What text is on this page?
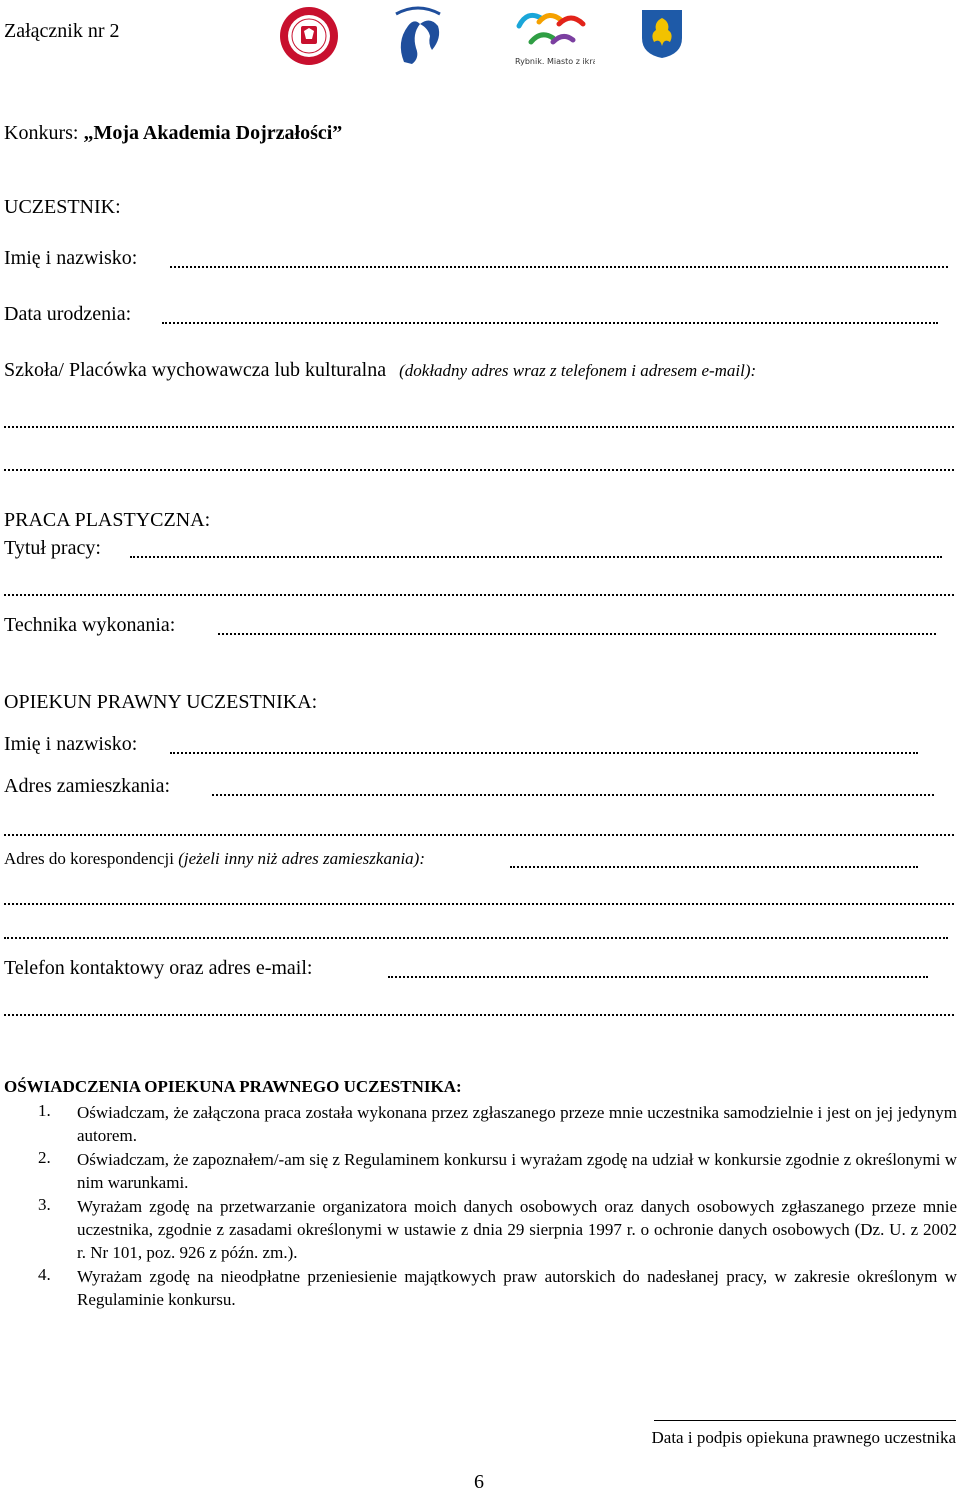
Załącznik nr 2
Rybnik. Miasto z ikrą.
Konkurs: „Moja Akademia Dojrzałości”
UCZESTNIK:
Imię i nazwisko:
Data urodzenia:
Szkoła/ Placówka wychowawcza lub kulturalna (dokładny adres wraz z telefonem i adresem e-mail):
PRACA PLASTYCZNA:
Tytuł pracy:
Technika wykonania:
OPIEKUN PRAWNY UCZESTNIKA:
Imię i nazwisko:
Adres zamieszkania:
Adres do korespondencji (jeżeli inny niż adres zamieszkania):
Telefon kontaktowy oraz adres e-mail:
OŚWIADCZENIA OPIEKUNA PRAWNEGO UCZESTNIKA:
1. Oświadczam, że załączona praca została wykonana przez zgłaszanego przeze mnie uczestnika samodzielnie i jest on jej jedynym autorem.
2. Oświadczam, że zapoznałem/-am się z Regulaminem konkursu i wyrażam zgodę na udział w konkursie zgodnie z określonymi w nim warunkami.
3. Wyrażam zgodę na przetwarzanie organizatora moich danych osobowych oraz danych osobowych zgłaszanego przeze mnie uczestnika, zgodnie z zasadami określonymi w ustawie z dnia 29 sierpnia 1997 r. o ochronie danych osobowych (Dz. U. z 2002 r. Nr 101, poz. 926 z późn. zm.).
4. Wyrażam zgodę na nieodpłatne przeniesienie majątkowych praw autorskich do nadesłanej pracy, w zakresie określonym w Regulaminie konkursu.
Data i podpis opiekuna prawnego uczestnika
6
